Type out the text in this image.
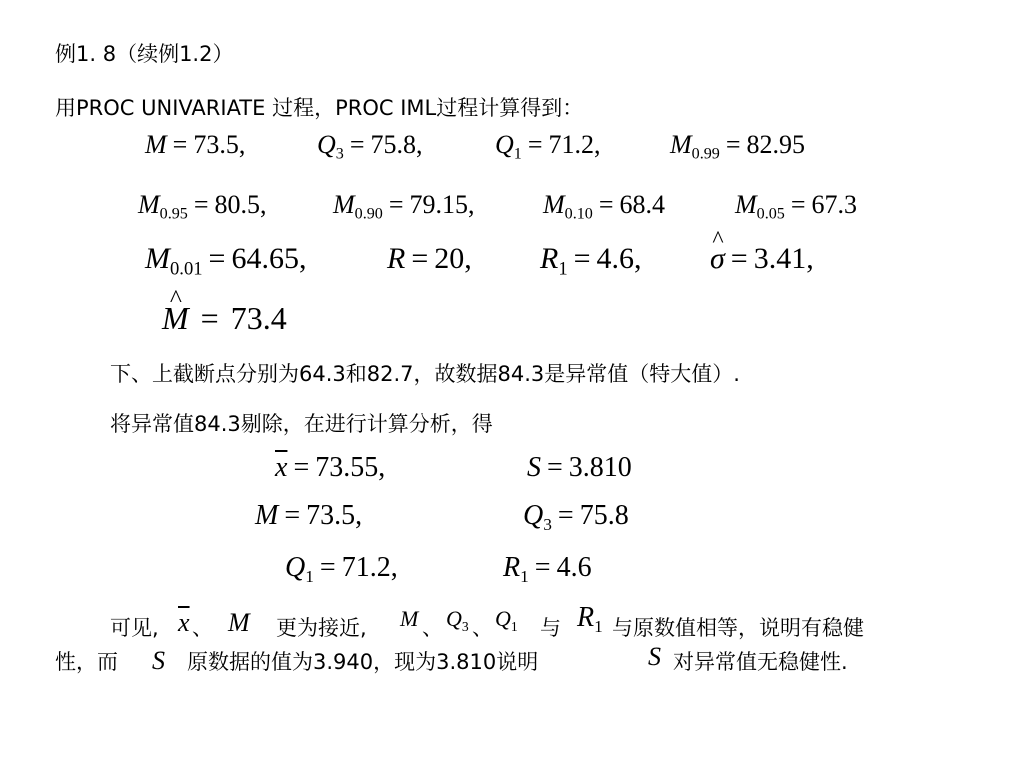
例1. 8（续例1.2）
用PROC UNIVARIATE 过程，PROC IML过程计算得到：
M = 73.5,	$Q_3 = 75.8$,	$Q_1 = 71.2$,	$M_{0.99} = 82.95$
$M_{0.95} = 80.5$,	$M_{0.90} = 79.15$,	$M_{0.10} = 68.4$	$M_{0.05} = 67.3$
$M_{0.01} = 64.65$,	R = 20, $R_1 = 4.6$, ^ σ = 3.41,
^ M = 73.4
下、上截断点分别为64.3和82.7，故数据84.3是异常值（特大值）.
将异常值84.3剔除，在进行计算分析，得
$\overline{x} = 73.55$,	S = 3.810
M = 73.5,	$Q_3 = 75.8$
$Q_1 = 71.2$,	$R_1 = 4.6$
可见, $\overline{x}$ 、 M 更为接近, M 、 $Q_3$ 、 $Q_1$ 与 $R_1$ 与原数值相等，说明有稳健
性，而 S 原数据的值为3.940，现为3.810说明	S 对异常值无稳健性.
